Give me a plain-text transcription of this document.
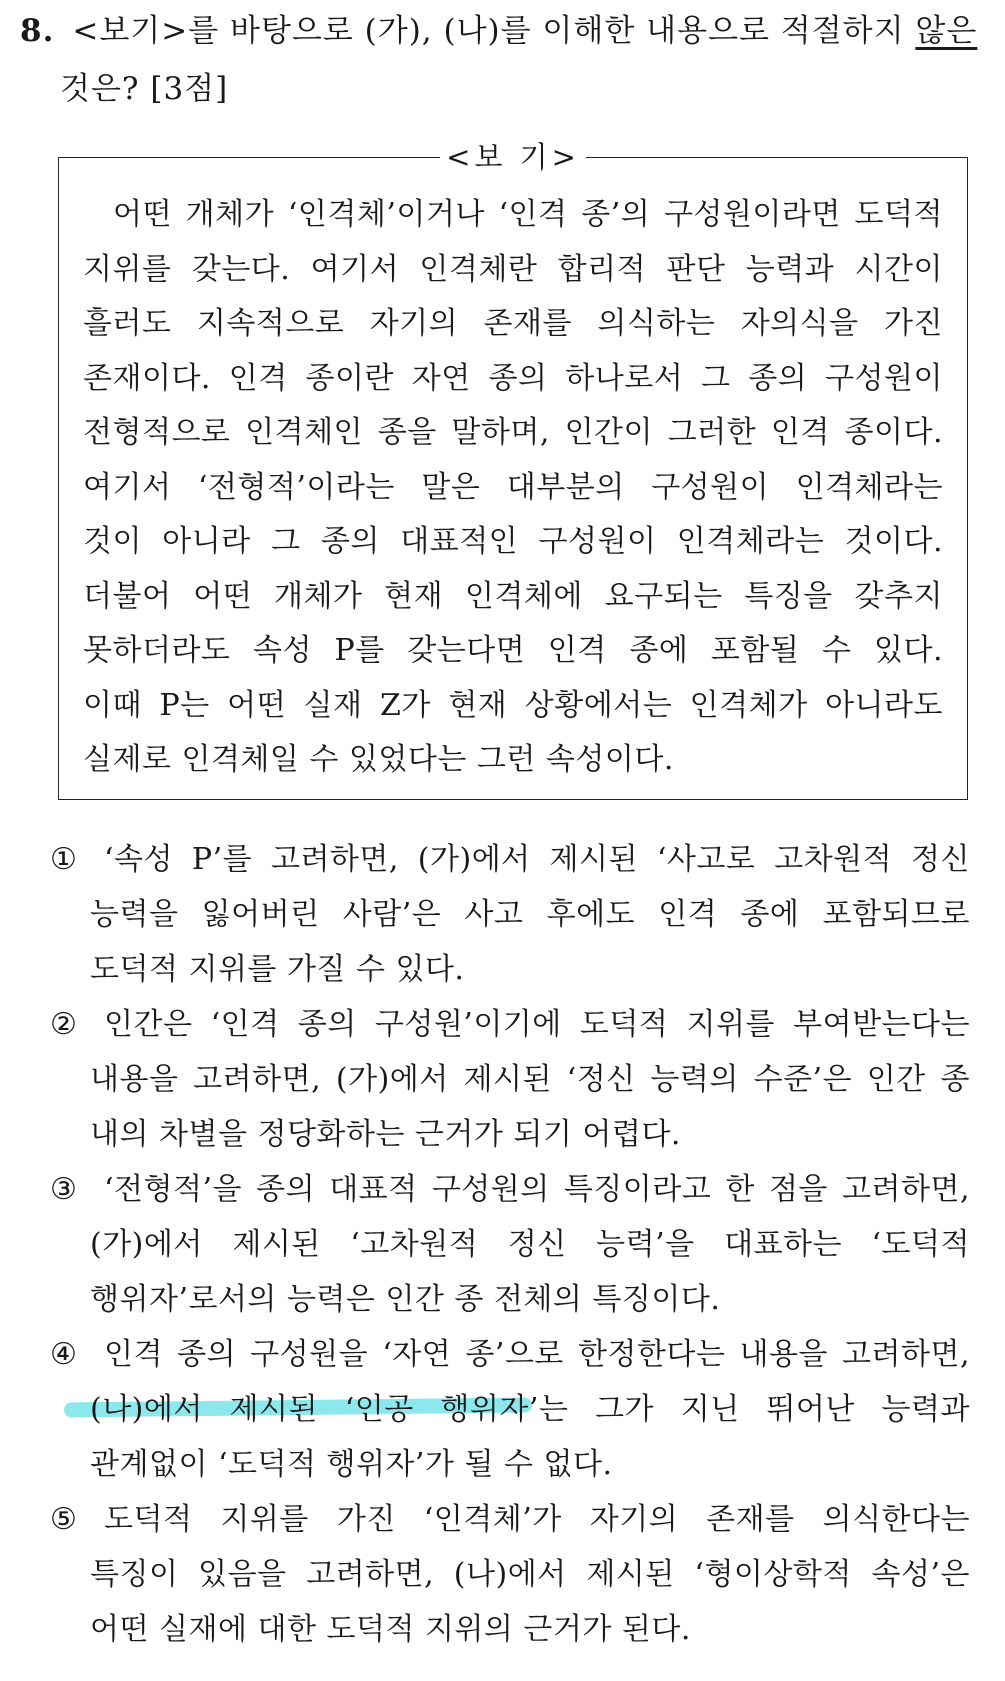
8. <보기>를 바탕으로 (가), (나)를 이해한 내용으로 적절하지 않은
것은? [3점]
<보 기>
어떤 개체가 ‘인격체’이거나 ‘인격 종’의 구성원이라면 도덕적
지위를 갖는다. 여기서 인격체란 합리적 판단 능력과 시간이
흘러도 지속적으로 자기의 존재를 의식하는 자의식을 가진
존재이다. 인격 종이란 자연 종의 하나로서 그 종의 구성원이
전형적으로 인격체인 종을 말하며, 인간이 그러한 인격 종이다.
여기서 ‘전형적’이라는 말은 대부분의 구성원이 인격체라는
것이 아니라 그 종의 대표적인 구성원이 인격체라는 것이다.
더불어 어떤 개체가 현재 인격체에 요구되는 특징을 갖추지
못하더라도 속성 P를 갖는다면 인격 종에 포함될 수 있다.
이때 P는 어떤 실재 Z가 현재 상황에서는 인격체가 아니라도
실제로 인격체일 수 있었다는 그런 속성이다.
① ‘속성 P’를 고려하면, (가)에서 제시된 ‘사고로 고차원적 정신
능력을 잃어버린 사람’은 사고 후에도 인격 종에 포함되므로
도덕적 지위를 가질 수 있다.
② 인간은 ‘인격 종의 구성원’이기에 도덕적 지위를 부여받는다는
내용을 고려하면, (가)에서 제시된 ‘정신 능력의 수준’은 인간 종
내의 차별을 정당화하는 근거가 되기 어렵다.
③ ‘전형적’을 종의 대표적 구성원의 특징이라고 한 점을 고려하면,
(가)에서 제시된 ‘고차원적 정신 능력’을 대표하는 ‘도덕적
행위자’로서의 능력은 인간 종 전체의 특징이다.
④ 인격 종의 구성원을 ‘자연 종’으로 한정한다는 내용을 고려하면,
(나)에서 제시된 ‘인공 행위자’는 그가 지닌 뛰어난 능력과
관계없이 ‘도덕적 행위자’가 될 수 없다.
⑤ 도덕적 지위를 가진 ‘인격체’가 자기의 존재를 의식한다는
특징이 있음을 고려하면, (나)에서 제시된 ‘형이상학적 속성’은
어떤 실재에 대한 도덕적 지위의 근거가 된다.
